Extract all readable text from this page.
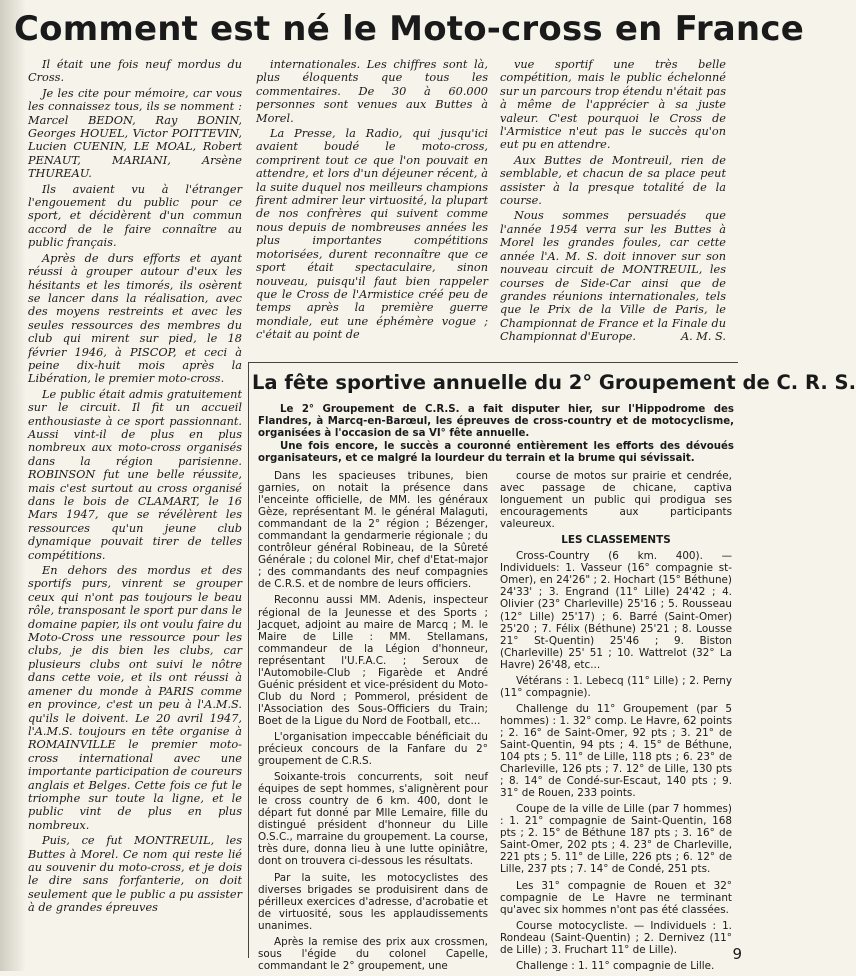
Comment est né le Moto-cross en France

Il était une fois neuf mordus du Cross.

Je les cite pour mémoire, car vous les connaissez tous, ils se nomment : Marcel BEDON, Ray BONIN, Georges HOUEL, Victor POITTEVIN, Lucien CUENIN, LE MOAL, Robert PENAUT, MARIANI, Arsène THUREAU.

Ils avaient vu à l'étranger l'engouement du public pour ce sport, et décidèrent d'un commun accord de le faire connaître au public français.

Après de durs efforts et ayant réussi à grouper autour d'eux les hésitants et les timorés, ils osèrent se lancer dans la réalisation, avec des moyens restreints et avec les seules ressources des membres du club qui mirent sur pied, le 18 février 1946, à PISCOP, et ceci à peine dix-huit mois après la Libération, le premier moto-cross.

Le public était admis gratuitement sur le circuit. Il fit un accueil enthousiaste à ce sport passionnant. Aussi vint-il de plus en plus nombreux aux moto-cross organisés dans la région parisienne. ROBINSON fut une belle réussite, mais c'est surtout au cross organisé dans le bois de CLAMART, le 16 Mars 1947, que se révélèrent les ressources qu'un jeune club dynamique pouvait tirer de telles compétitions.

En dehors des mordus et des sportifs purs, vinrent se grouper ceux qui n'ont pas toujours le beau rôle, transposant le sport pur dans le domaine papier, ils ont voulu faire du Moto-Cross une ressource pour les clubs, je dis bien les clubs, car plusieurs clubs ont suivi le nôtre dans cette voie, et ils ont réussi à amener du monde à PARIS comme en province, c'est un peu à l'A.M.S. qu'ils le doivent. Le 20 avril 1947, l'A.M.S. toujours en tête organise à ROMAINVILLE le premier moto-cross international avec une importante participation de coureurs anglais et Belges. Cette fois ce fut le triomphe sur toute la ligne, et le public vint de plus en plus nombreux.

Puis, ce fut MONTREUIL, les Buttes à Morel. Ce nom qui reste lié au souvenir du moto-cross, et je dois le dire sans forfanterie, on doit seulement que le public a pu assister à de grandes épreuves

internationales. Les chiffres sont là, plus éloquents que tous les commentaires. De 30 à 60.000 personnes sont venues aux Buttes à Morel.

La Presse, la Radio, qui jusqu'ici avaient boudé le moto-cross, comprirent tout ce que l'on pouvait en attendre, et lors d'un déjeuner récent, à la suite duquel nos meilleurs champions firent admirer leur virtuosité, la plupart de nos confrères qui suivent comme nous depuis de nombreuses années les plus importantes compétitions motorisées, durent reconnaître que ce sport était spectaculaire, sinon nouveau, puisqu'il faut bien rappeler que le Cross de l'Armistice créé peu de temps après la première guerre mondiale, eut une éphémère vogue ; c'était au point de

vue sportif une très belle compétition, mais le public échelonné sur un parcours trop étendu n'était pas à même de l'apprécier à sa juste valeur. C'est pourquoi le Cross de l'Armistice n'eut pas le succès qu'on eut pu en attendre.

Aux Buttes de Montreuil, rien de semblable, et chacun de sa place peut assister à la presque totalité de la course.

Nous sommes persuadés que l'année 1954 verra sur les Buttes à Morel les grandes foules, car cette année l'A. M. S. doit innover sur son nouveau circuit de MONTREUIL, les courses de Side-Car ainsi que de grandes réunions internationales, tels que le Prix de la Ville de Paris, le Championnat de France et la Finale du Championnat d'Europe.	A. M. S.

La fête sportive annuelle du 2° Groupement de C. R. S.

Le 2° Groupement de C.R.S. a fait disputer hier, sur l'Hippodrome des Flandres, à Marcq-en-Barœul, les épreuves de cross-country et de motocyclisme, organisées à l'occasion de sa VI° fête annuelle.

Une fois encore, le succès a couronné entièrement les efforts des dévoués organisateurs, et ce malgré la lourdeur du terrain et la brume qui sévissait.

Dans les spacieuses tribunes, bien garnies, on notait la présence dans l'enceinte officielle, de MM. les généraux Gèze, représentant M. le général Malaguti, commandant de la 2° région ; Bézenger, commandant la gendarmerie régionale ; du contrôleur général Robineau, de la Sûreté Générale ; du colonel Mir, chef d'Etat-major ; des commandants des neuf compagnies de C.R.S. et de nombre de leurs officiers.

Reconnu aussi MM. Adenis, inspecteur régional de la Jeunesse et des Sports ; Jacquet, adjoint au maire de Marcq ; M. le Maire de Lille : MM. Stellamans, commandeur de la Légion d'honneur, représentant l'U.F.A.C. ; Seroux de l'Automobile-Club ; Figarède et André Guénic président et vice-président du Moto-Club du Nord ; Pommerol, président de l'Association des Sous-Officiers du Train; Boet de la Ligue du Nord de Football, etc...

L'organisation impeccable bénéficiait du précieux concours de la Fanfare du 2° groupement de C.R.S.

Soixante-trois concurrents, soit neuf équipes de sept hommes, s'alignèrent pour le cross country de 6 km. 400, dont le départ fut donné par Mlle Lemaire, fille du distingué président d'honneur du Lille O.S.C., marraine du groupement. La course, très dure, donna lieu à une lutte opiniâtre, dont on trouvera ci-dessous les résultats.

Par la suite, les motocyclistes des diverses brigades se produisirent dans de périlleux exercices d'adresse, d'acrobatie et de virtuosité, sous les applaudissements unanimes.

Après la remise des prix aux crossmen, sous l'égide du colonel Capelle, commandant le 2° groupement, une

course de motos sur prairie et cendrée, avec passage de chicane, captiva longuement un public qui prodigua ses encouragements aux participants valeureux.

LES CLASSEMENTS

Cross-Country (6 km. 400). — Individuels: 1. Vasseur (16° compagnie st-Omer), en 24'26" ; 2. Hochart (15° Béthune) 24'33' ; 3. Engrand (11° Lille) 24'42 ; 4. Olivier (23° Charleville) 25'16 ; 5. Rousseau (12° Lille) 25'17) ; 6. Barré (Saint-Omer) 25'20 ; 7. Félix (Béthune) 25'21 ; 8. Lousse 21° St-Quentin) 25'46 ; 9. Biston (Charleville) 25' 51 ; 10. Wattrelot (32° La Havre) 26'48, etc...

Vétérans : 1. Lebecq (11° Lille) ; 2. Perny (11° compagnie).

Challenge du 11° Groupement (par 5 hommes) : 1. 32° comp. Le Havre, 62 points ; 2. 16° de Saint-Omer, 92 pts ; 3. 21° de Saint-Quentin, 94 pts ; 4. 15° de Béthune, 104 pts ; 5. 11° de Lille, 118 pts ; 6. 23° de Charleville, 126 pts ; 7. 12° de Lille, 130 pts ; 8. 14° de Condé-sur-Escaut, 140 pts ; 9. 31° de Rouen, 233 points.

Coupe de la ville de Lille (par 7 hommes) : 1. 21° compagnie de Saint-Quentin, 168 pts ; 2. 15° de Béthune 187 pts ; 3. 16° de Saint-Omer, 202 pts ; 4. 23° de Charleville, 221 pts ; 5. 11° de Lille, 226 pts ; 6. 12° de Lille, 237 pts ; 7. 14° de Condé, 251 pts.

Les 31° compagnie de Rouen et 32° compagnie de Le Havre ne terminant qu'avec six hommes n'ont pas été classées.

Course motocycliste. — Individuels : 1. Rondeau (Saint-Quentin) ; 2. Dernivez (11° de Lille) ; 3. Fruchart 11° de Lille).

Challenge : 1. 11° compagnie de Lille.

9
